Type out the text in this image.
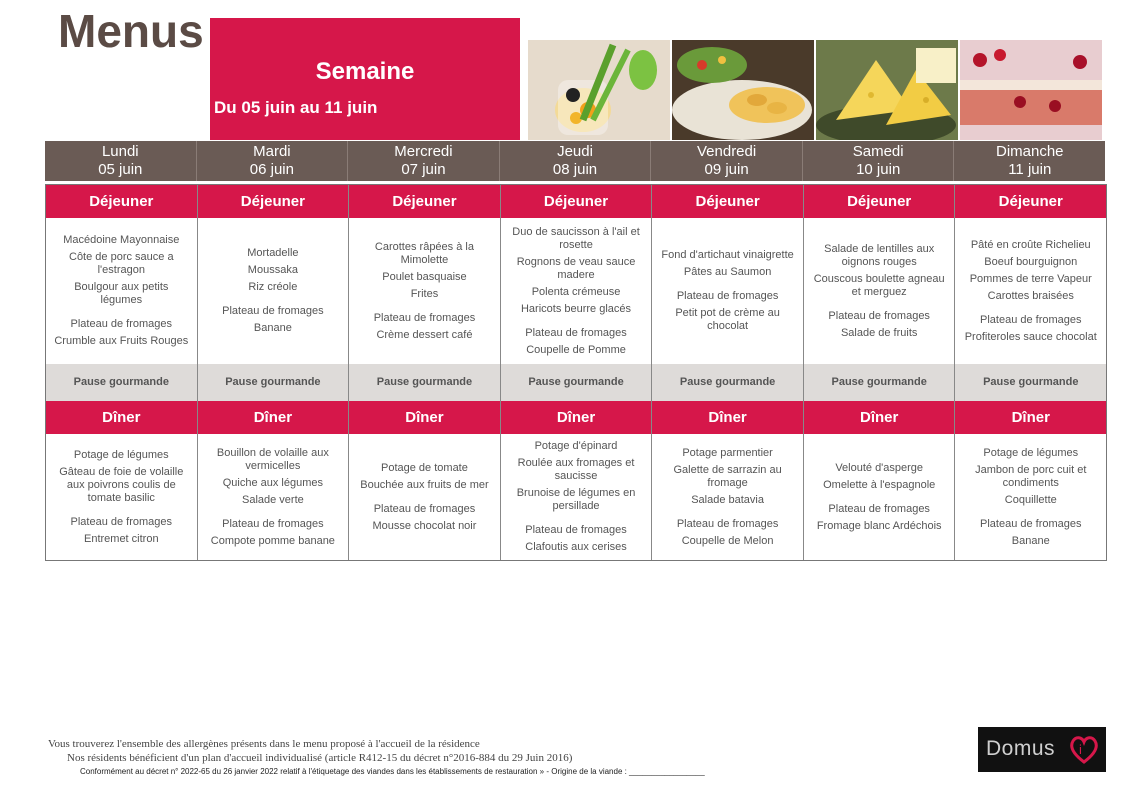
Menus
Semaine
Du 05 juin au 11 juin
Lundi
05 juin
Mardi
06 juin
Mercredi
07 juin
Jeudi
08 juin
Vendredi
09 juin
Samedi
10 juin
Dimanche
11 juin
Déjeuner
Macédoine Mayonnaise
Côte de porc sauce a l'estragon
Boulgour aux petits légumes
Plateau de fromages
Crumble aux Fruits Rouges
Pause gourmande
Dîner
Potage de légumes
Gâteau de foie de volaille aux poivrons coulis de tomate basilic
Plateau de fromages
Entremet citron
Déjeuner
Mortadelle
Moussaka
Riz créole
Plateau de fromages
Banane
Pause gourmande
Dîner
Bouillon de volaille aux vermicelles
Quiche aux légumes
Salade verte
Plateau de fromages
Compote pomme banane
Déjeuner
Carottes râpées à la Mimolette
Poulet basquaise
Frites
Plateau de fromages
Crème dessert café
Pause gourmande
Dîner
Potage de tomate
Bouchée aux fruits de mer
Plateau de fromages
Mousse chocolat noir
Déjeuner
Duo de saucisson à l'ail et rosette
Rognons de veau sauce madere
Polenta crémeuse
Haricots beurre glacés
Plateau de fromages
Coupelle de Pomme
Pause gourmande
Dîner
Potage d'épinard
Roulée aux fromages et saucisse
Brunoise de légumes en persillade
Plateau de fromages
Clafoutis aux cerises
Déjeuner
Fond d'artichaut vinaigrette
Pâtes au Saumon
Plateau de fromages
Petit pot de crème au chocolat
Pause gourmande
Dîner
Potage parmentier
Galette de sarrazin au fromage
Salade batavia
Plateau de fromages
Coupelle de Melon
Déjeuner
Salade de lentilles aux oignons rouges
Couscous boulette agneau et merguez
Plateau de fromages
Salade de fruits
Pause gourmande
Dîner
Velouté d'asperge
Omelette à l'espagnole
Plateau de fromages
Fromage blanc Ardéchois
Déjeuner
Pâté en croûte Richelieu
Boeuf bourguignon
Pommes de terre Vapeur
Carottes braisées
Plateau de fromages
Profiteroles sauce chocolat
Pause gourmande
Dîner
Potage de légumes
Jambon de porc cuit et condiments
Coquillette
Plateau de fromages
Banane
Vous trouverez l'ensemble des allergènes présents dans le menu proposé à l'accueil de la résidence
Nos résidents bénéficient d'un plan d'accueil individualisé (article R412-15 du décret n°2016-884 du 29 Juin 2016)
Conformément au décret n° 2022-65 du 26 janvier 2022 relatif à l'étiquetage des viandes dans les établissements de restauration » - Origine de la viande : _________________
Domus i
